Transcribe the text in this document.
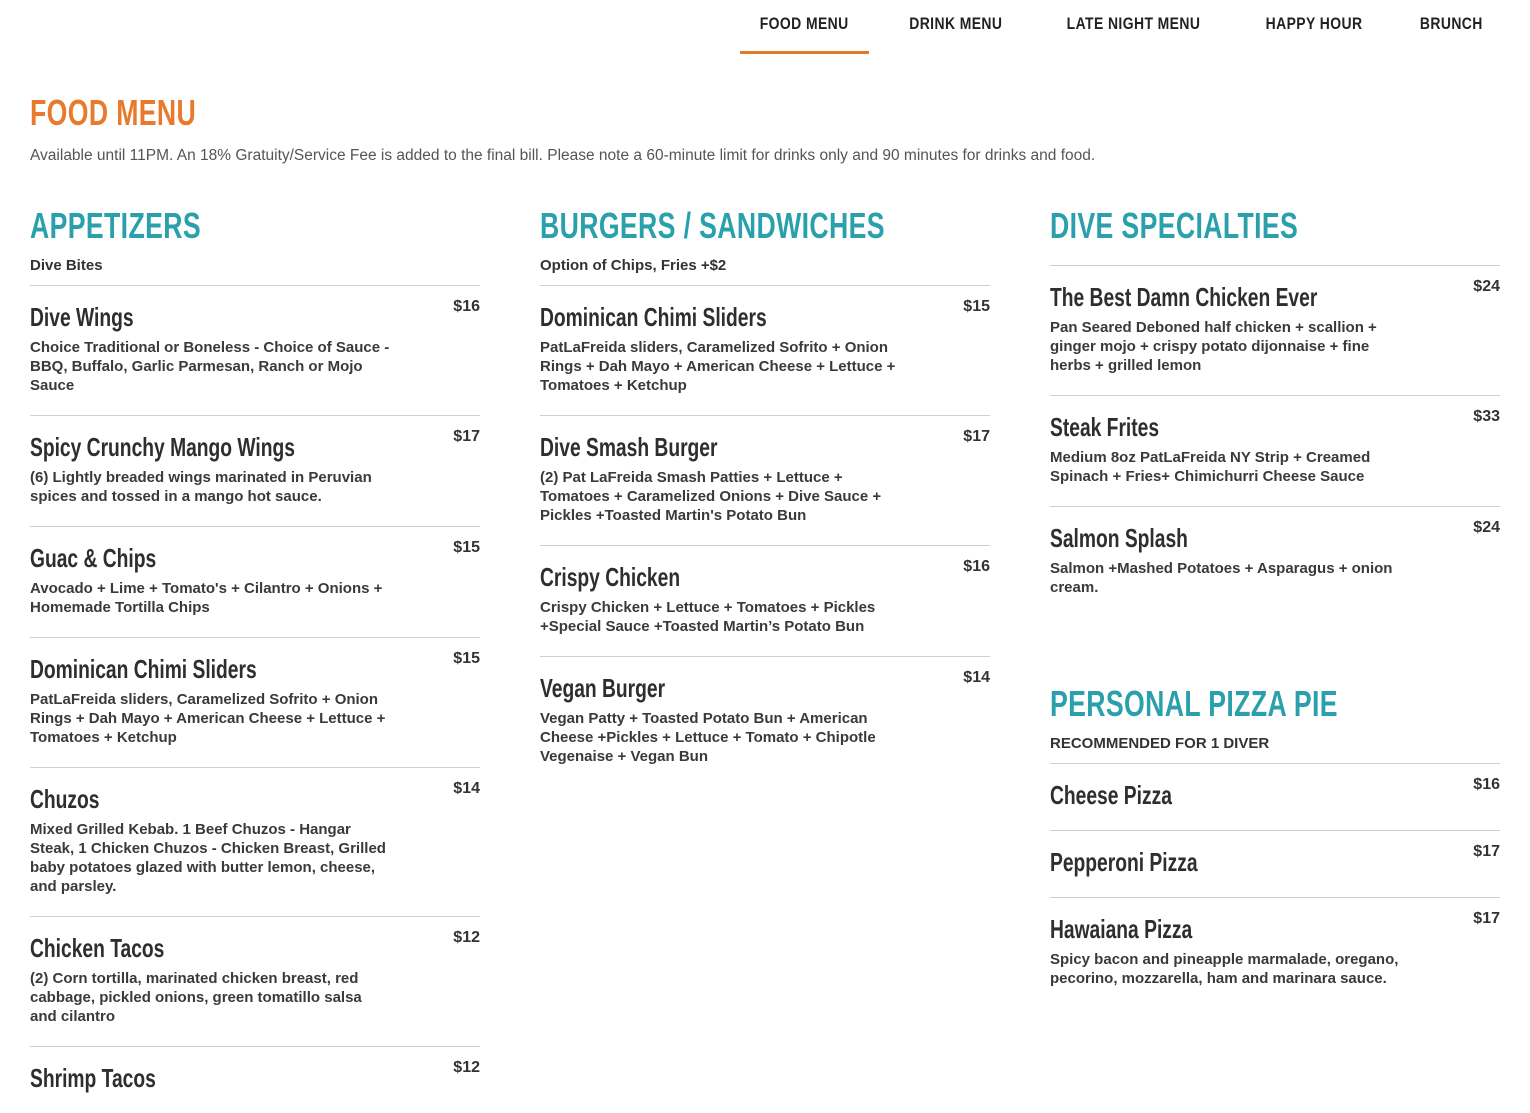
FOOD MENU	DRINK MENU	LATE NIGHT MENU	HAPPY HOUR	BRUNCH
FOOD MENU
Available until 11PM. An 18% Gratuity/Service Fee is added to the final bill. Please note a 60-minute limit for drinks only and 90 minutes for drinks and food.
APPETIZERS
Dive Bites
Dive Wings	$16
Choice Traditional or Boneless - Choice of Sauce - BBQ, Buffalo, Garlic Parmesan, Ranch or Mojo Sauce
Spicy Crunchy Mango Wings	$17
(6) Lightly breaded wings marinated in Peruvian spices and tossed in a mango hot sauce.
Guac & Chips	$15
Avocado + Lime + Tomato's + Cilantro + Onions + Homemade Tortilla Chips
Dominican Chimi Sliders	$15
PatLaFreida sliders, Caramelized Sofrito + Onion Rings + Dah Mayo + American Cheese + Lettuce + Tomatoes + Ketchup
Chuzos	$14
Mixed Grilled Kebab. 1 Beef Chuzos - Hangar Steak, 1 Chicken Chuzos - Chicken Breast, Grilled baby potatoes glazed with butter lemon, cheese, and parsley.
Chicken Tacos	$12
(2) Corn tortilla, marinated chicken breast, red cabbage, pickled onions, green tomatillo salsa and cilantro
Shrimp Tacos	$12
BURGERS / SANDWICHES
Option of Chips, Fries +$2
Dominican Chimi Sliders	$15
PatLaFreida sliders, Caramelized Sofrito + Onion Rings + Dah Mayo + American Cheese + Lettuce + Tomatoes + Ketchup
Dive Smash Burger	$17
(2) Pat LaFreida Smash Patties + Lettuce + Tomatoes + Caramelized Onions + Dive Sauce + Pickles +Toasted Martin's Potato Bun
Crispy Chicken	$16
Crispy Chicken + Lettuce + Tomatoes + Pickles +Special Sauce +Toasted Martin’s Potato Bun
Vegan Burger	$14
Vegan Patty + Toasted Potato Bun + American Cheese +Pickles + Lettuce + Tomato + Chipotle Vegenaise + Vegan Bun
DIVE SPECIALTIES
The Best Damn Chicken Ever	$24
Pan Seared Deboned half chicken + scallion + ginger mojo + crispy potato dijonnaise + fine herbs + grilled lemon
Steak Frites	$33
Medium 8oz PatLaFreida NY Strip + Creamed Spinach + Fries+ Chimichurri Cheese Sauce
Salmon Splash	$24
Salmon +Mashed Potatoes + Asparagus + onion cream.
PERSONAL PIZZA PIE
RECOMMENDED FOR 1 DIVER
Cheese Pizza	$16
Pepperoni Pizza	$17
Hawaiana Pizza	$17
Spicy bacon and pineapple marmalade, oregano, pecorino, mozzarella, ham and marinara sauce.
